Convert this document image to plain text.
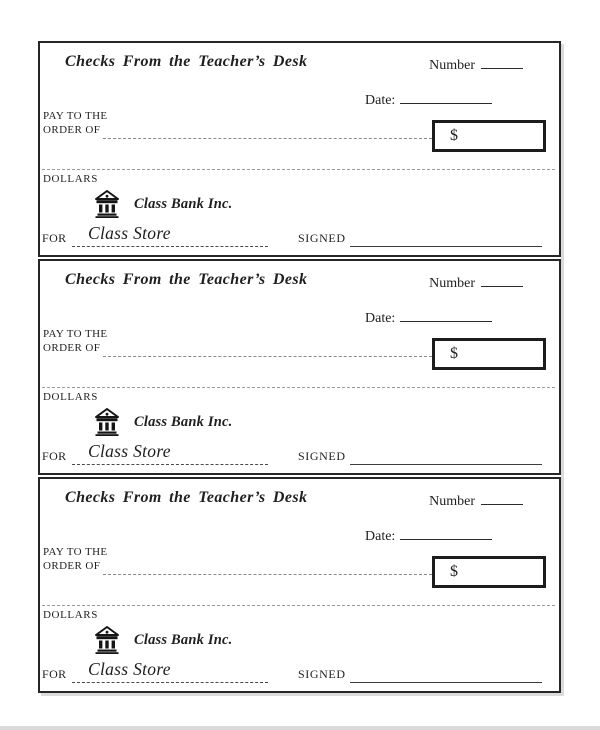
Checks From the Teacher’s Desk	Number
Date:
PAY TO THE
ORDER OF	$
DOLLARS
Class Bank Inc.
FOR Class Store	SIGNED
Checks From the Teacher’s Desk	Number
Date:
PAY TO THE
ORDER OF	$
DOLLARS
Class Bank Inc.
FOR Class Store	SIGNED
Checks From the Teacher’s Desk	Number
Date:
PAY TO THE
ORDER OF	$
DOLLARS
Class Bank Inc.
FOR Class Store	SIGNED
